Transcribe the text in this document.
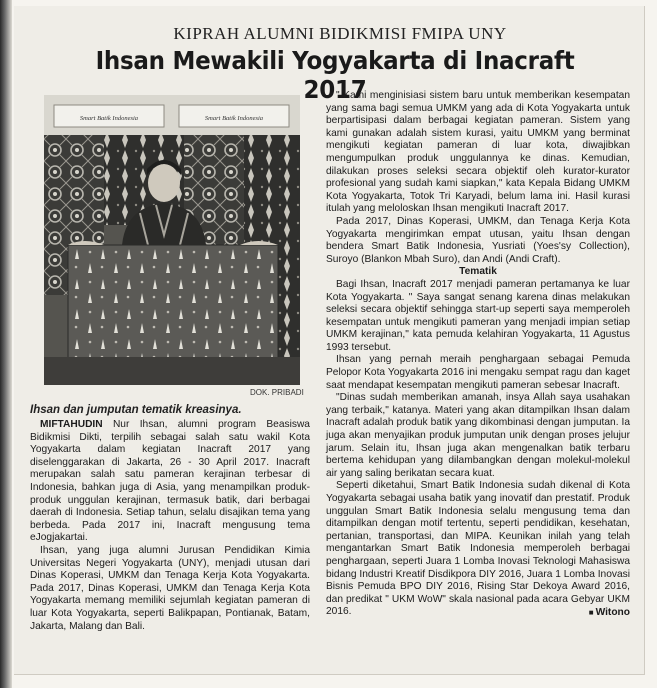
KIPRAH ALUMNI BIDIKMISI FMIPA UNY
Ihsan Mewakili Yogyakarta di Inacraft 2017
Smart Batik Indonesia	Smart Batik Indonesia
DOK. PRIBADI
Ihsan dan jumputan tematik kreasinya.

MIFTAHUDIN Nur Ihsan, alumni program Beasiswa Bidikmisi Dikti, terpilih sebagai salah satu wakil Kota Yogyakarta dalam kegiatan Inacraft 2017 yang diselenggarakan di Jakarta, 26 - 30 April 2017. Inacraft merupakan salah satu pameran kerajinan terbesar di Indonesia, bahkan juga di Asia, yang menampilkan produk-produk unggulan kerajinan, termasuk batik, dari berbagai daerah di Indonesia. Setiap tahun, selalu disajikan tema yang berbeda. Pada 2017 ini, Inacraft mengusung tema eJogjakartai.

Ihsan, yang juga alumni Jurusan Pendidikan Kimia Universitas Negeri Yogyakarta (UNY), menjadi utusan dari Dinas Koperasi, UMKM dan Tenaga Kerja Kota Yogyakarta. Pada 2017, Dinas Koperasi, UMKM dan Tenaga Kerja Kota Yogyakarta memang memiliki sejumlah kegiatan pameran di luar Kota Yogyakarta, seperti Balikpapan, Pontianak, Batam, Jakarta, Malang dan Bali.

" Kami menginisiasi sistem baru untuk memberikan kesempatan yang sama bagi semua UMKM yang ada di Kota Yogyakarta untuk berpartisipasi dalam berbagai kegiatan pameran. Sistem yang kami gunakan adalah sistem kurasi, yaitu UMKM yang berminat mengikuti kegiatan pameran di luar kota, diwajibkan mengumpulkan produk unggulannya ke dinas. Kemudian, dilakukan proses seleksi secara objektif oleh kurator-kurator profesional yang sudah kami siapkan," kata Kepala Bidang UMKM Kota Yogyakarta, Totok Tri Karyadi, belum lama ini. Hasil kurasi itulah yang meloloskan Ihsan mengikuti Inacraft 2017.

Pada 2017, Dinas Koperasi, UMKM, dan Tenaga Kerja Kota Yogyakarta mengirimkan empat utusan, yaitu Ihsan dengan bendera Smart Batik Indonesia, Yusriati (Yoes'sy Collection), Suroyo (Blankon Mbah Suro), dan Andi (Andi Craft).

Tematik

Bagi Ihsan, Inacraft 2017 menjadi pameran pertamanya ke luar Kota Yogyakarta. " Saya sangat senang karena dinas melakukan seleksi secara objektif sehingga start-up seperti saya memperoleh kesempatan untuk mengikuti pameran yang menjadi impian setiap UMKM kerajinan," kata pemuda kelahiran Yogyakarta, 11 Agustus 1993 tersebut.

Ihsan yang pernah meraih penghargaan sebagai Pemuda Pelopor Kota Yogyakarta 2016 ini mengaku sempat ragu dan kaget saat mendapat kesempatan mengikuti pameran sebesar Inacraft.

"Dinas sudah memberikan amanah, insya Allah saya usahakan yang terbaik," katanya. Materi yang akan ditampilkan Ihsan dalam Inacraft adalah produk batik yang dikombinasi dengan jumputan. Ia juga akan menyajikan produk jumputan unik dengan proses jelujur jarum. Selain itu, Ihsan juga akan mengenalkan batik terbaru bertema kehidupan yang dilambangkan dengan molekul-molekul air yang saling berikatan secara kuat.

Seperti diketahui, Smart Batik Indonesia sudah dikenal di Kota Yogyakarta sebagai usaha batik yang inovatif dan prestatif. Produk unggulan Smart Batik Indonesia selalu mengusung tema dan ditampilkan dengan motif tertentu, seperti pendidikan, kesehatan, pertanian, transportasi, dan MIPA. Keunikan inilah yang telah mengantarkan Smart Batik Indonesia memperoleh berbagai penghargaan, seperti Juara 1 Lomba Inovasi Teknologi Mahasiswa bidang Industri Kreatif Disdikpora DIY 2016, Juara 1 Lomba Inovasi Bisnis Pemuda BPO DIY 2016, Rising Star Dekoya Award 2016, dan predikat " UKM WoW" skala nasional pada acara Gebyar UKM 2016.	■ Witono
